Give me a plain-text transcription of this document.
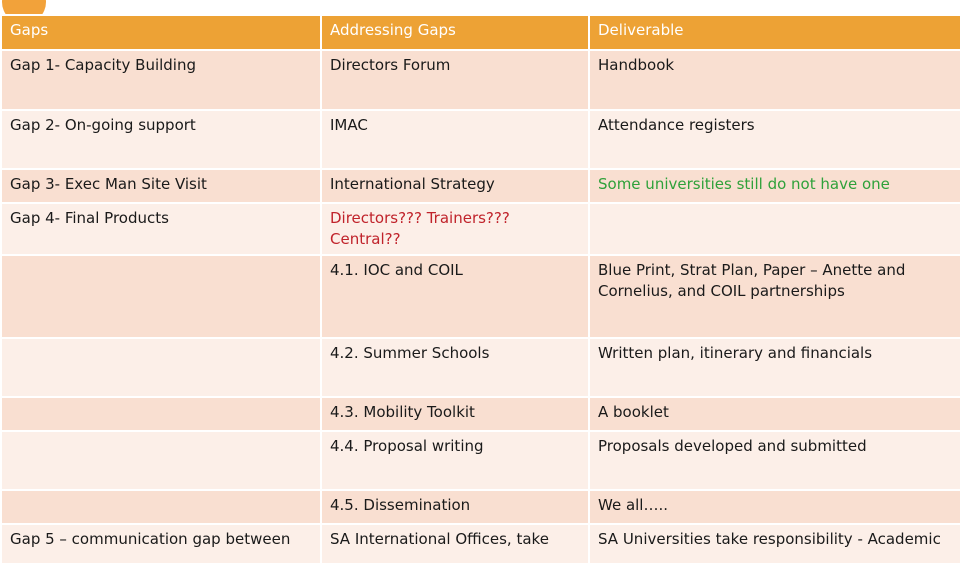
Gaps	Addressing Gaps	Deliverable
Gap 1- Capacity Building	Directors Forum	Handbook
Gap 2- On-going support	IMAC	Attendance registers
Gap 3- Exec Man Site Visit	International Strategy	Some universities still do not have one
Gap 4- Final Products	Directors??? Trainers??? Central??	
	4.1. IOC and COIL	Blue Print, Strat Plan, Paper – Anette and Cornelius, and COIL partnerships
	4.2. Summer Schools	Written plan, itinerary and financials
	4.3. Mobility Toolkit	A booklet
	4.4. Proposal writing	Proposals developed and submitted
	4.5. Dissemination	We all…..
Gap 5 – communication gap between	SA International Offices, take	SA Universities take responsibility - Academic
